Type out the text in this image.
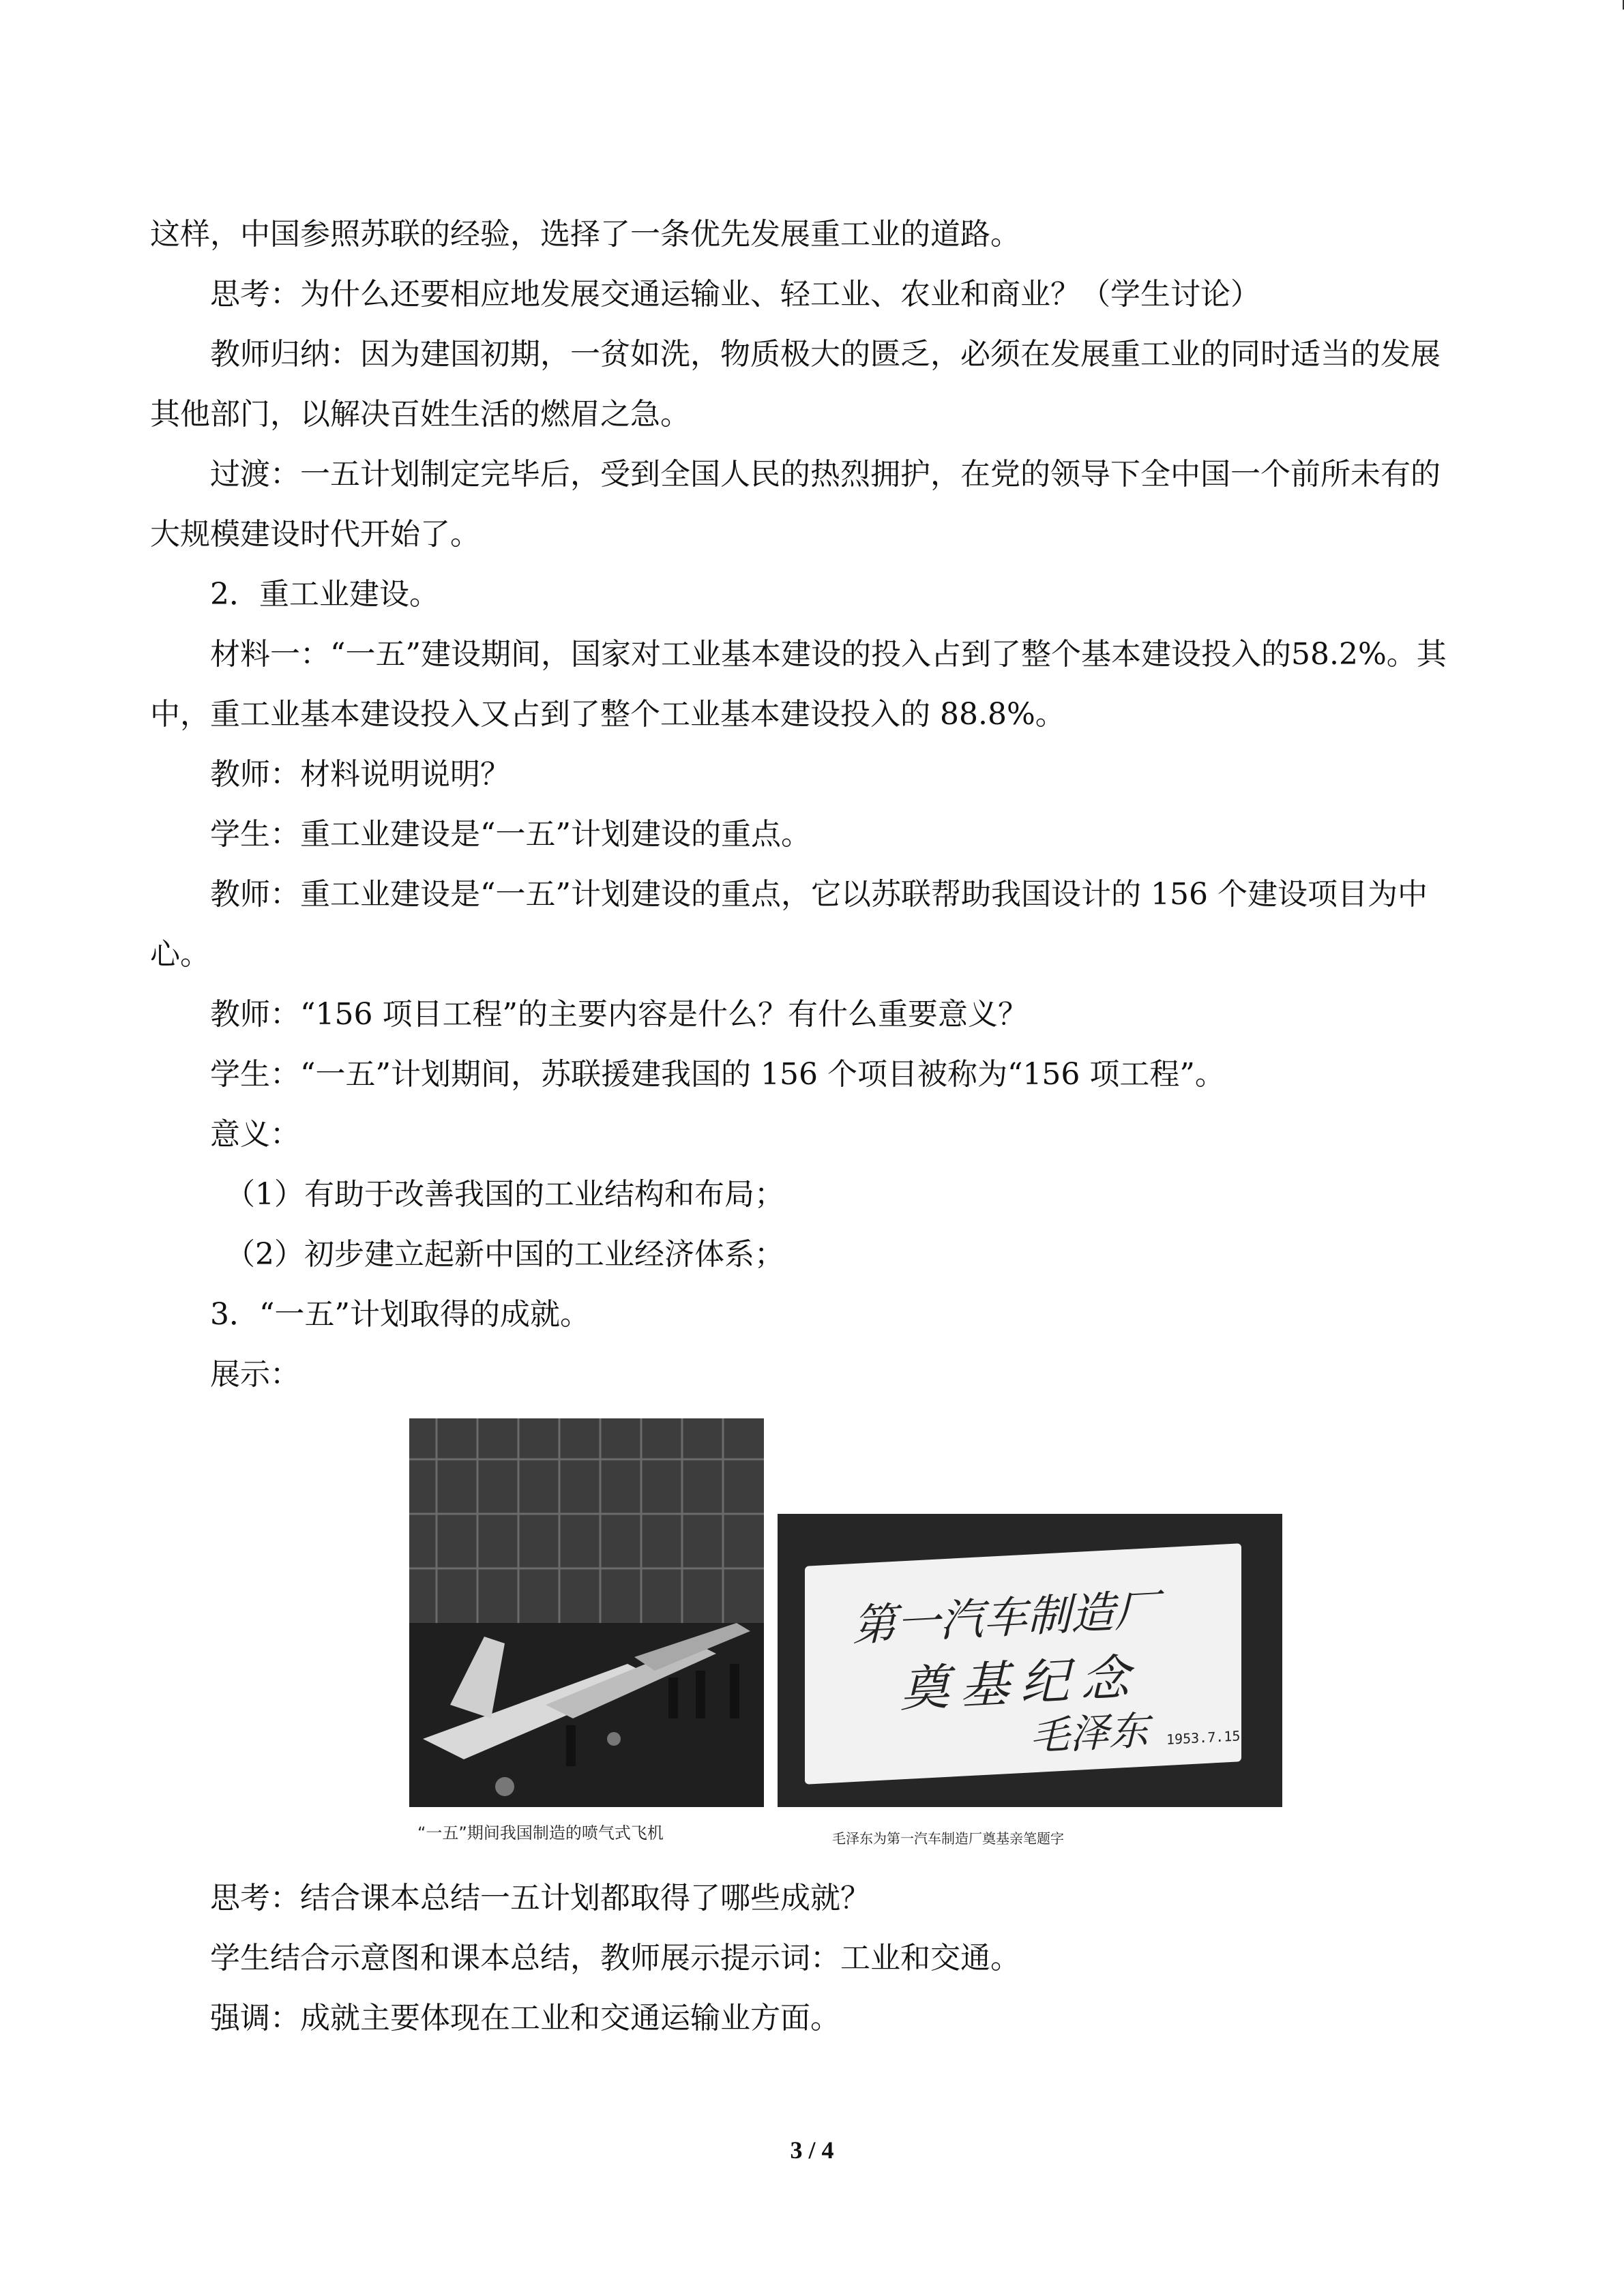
这样，中国参照苏联的经验，选择了一条优先发展重工业的道路。
思考：为什么还要相应地发展交通运输业、轻工业、农业和商业？（学生讨论）
教师归纳：因为建国初期，一贫如洗，物质极大的匮乏，必须在发展重工业的同时适当的发展其他部门，以解决百姓生活的燃眉之急。
过渡：一五计划制定完毕后，受到全国人民的热烈拥护，在党的领导下全中国一个前所未有的大规模建设时代开始了。
2．重工业建设。
材料一：“一五”建设期间，国家对工业基本建设的投入占到了整个基本建设投入的58.2%。其中，重工业基本建设投入又占到了整个工业基本建设投入的 88.8%。
教师：材料说明说明？
学生：重工业建设是“一五”计划建设的重点。
教师：重工业建设是“一五”计划建设的重点，它以苏联帮助我国设计的 156 个建设项目为中心。
教师：“156 项目工程”的主要内容是什么？有什么重要意义？
学生：“一五”计划期间，苏联援建我国的 156 个项目被称为“156 项工程”。
意义：
（1）有助于改善我国的工业结构和布局；
（2）初步建立起新中国的工业经济体系；
3．“一五”计划取得的成就。
展示：
第一汽车制造厂
奠基纪念
毛泽东 1953.7.15
“一五”期间我国制造的喷气式飞机	毛泽东为第一汽车制造厂奠基亲笔题字
思考：结合课本总结一五计划都取得了哪些成就？
学生结合示意图和课本总结，教师展示提示词：工业和交通。
强调：成就主要体现在工业和交通运输业方面。
3 / 4
